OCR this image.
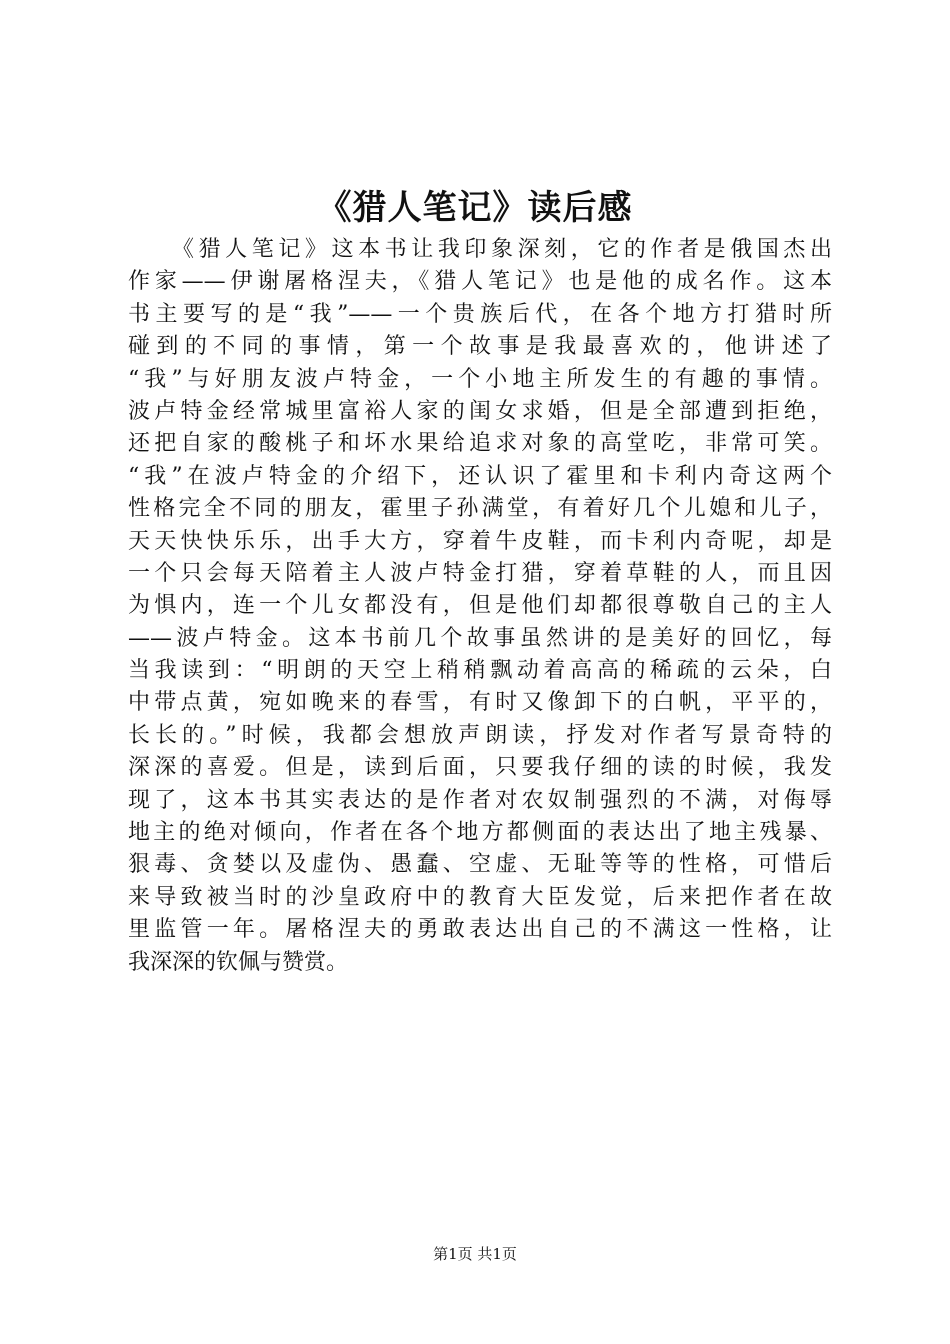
《猎人笔记》读后感
《猎人笔记》这本书让我印象深刻，它的作者是俄国杰出
作家——伊谢屠格涅夫，《猎人笔记》也是他的成名作。这本
书主要写的是“我”——一个贵族后代，在各个地方打猎时所
碰到的不同的事情，第一个故事是我最喜欢的，他讲述了
“我”与好朋友波卢特金，一个小地主所发生的有趣的事情。
波卢特金经常城里富裕人家的闺女求婚，但是全部遭到拒绝，
还把自家的酸桃子和坏水果给追求对象的高堂吃，非常可笑。
“我”在波卢特金的介绍下，还认识了霍里和卡利内奇这两个
性格完全不同的朋友，霍里子孙满堂，有着好几个儿媳和儿子，
天天快快乐乐，出手大方，穿着牛皮鞋，而卡利内奇呢，却是
一个只会每天陪着主人波卢特金打猎，穿着草鞋的人，而且因
为惧内，连一个儿女都没有，但是他们却都很尊敬自己的主人
——波卢特金。这本书前几个故事虽然讲的是美好的回忆，每
当我读到：“明朗的天空上稍稍飘动着高高的稀疏的云朵，白
中带点黄，宛如晚来的春雪，有时又像卸下的白帆，平平的，
长长的。”时候，我都会想放声朗读，抒发对作者写景奇特的
深深的喜爱。但是，读到后面，只要我仔细的读的时候，我发
现了，这本书其实表达的是作者对农奴制强烈的不满，对侮辱
地主的绝对倾向，作者在各个地方都侧面的表达出了地主残暴、
狠毒、贪婪以及虚伪、愚蠢、空虚、无耻等等的性格，可惜后
来导致被当时的沙皇政府中的教育大臣发觉，后来把作者在故
里监管一年。屠格涅夫的勇敢表达出自己的不满这一性格，让
我深深的钦佩与赞赏。
第1页 共1页
